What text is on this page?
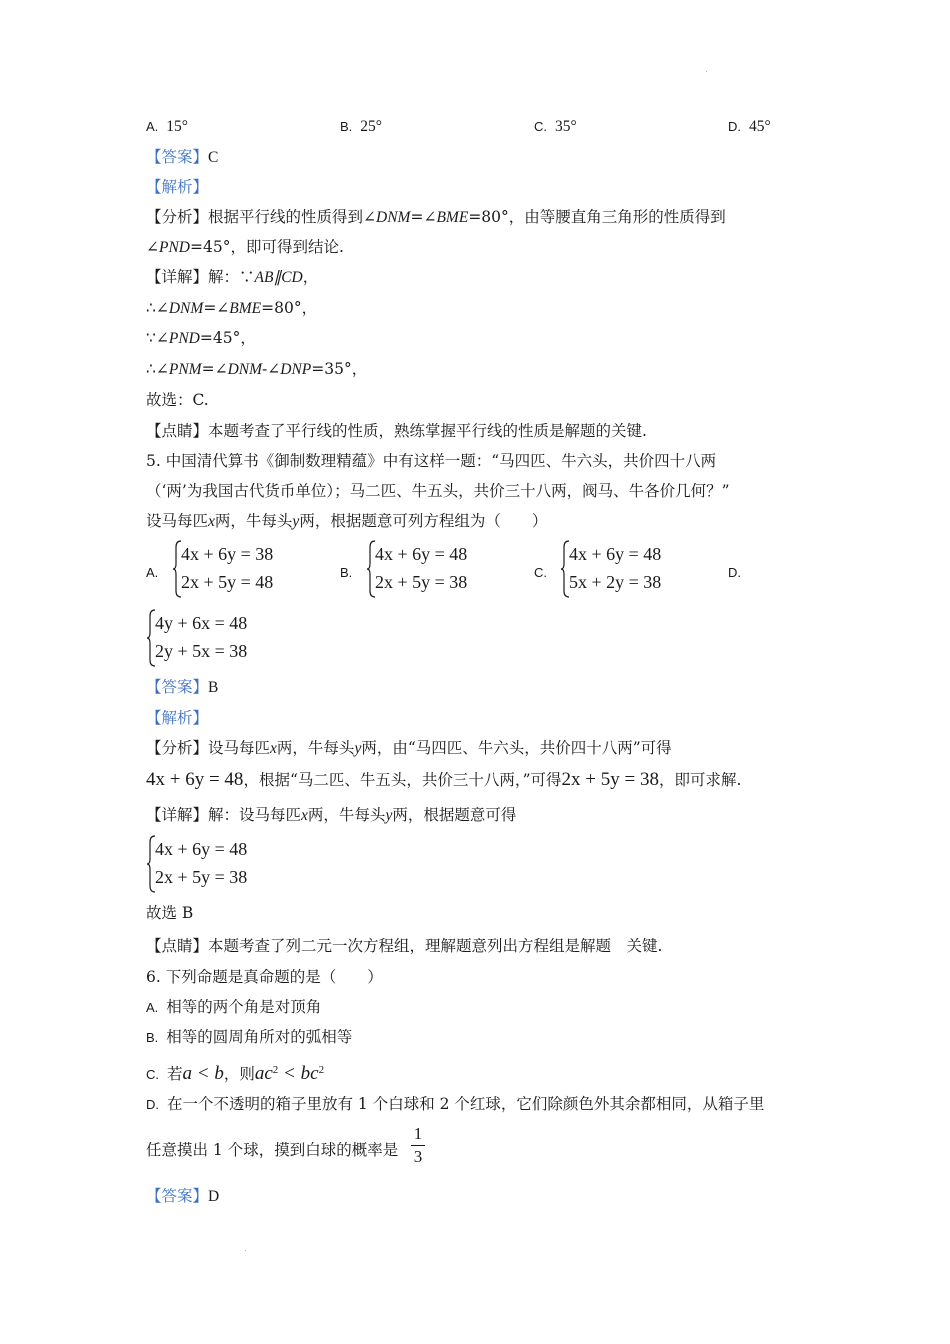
A. 15°	B. 25°	C. 35°	D. 45°
【答案】C
【解析】
【分析】根据平行线的性质得到∠DNM=∠BME=80°，由等腰直角三角形的性质得到
∠PND=45°，即可得到结论.
【详解】解：∵AB∥CD，
∴∠DNM=∠BME=80°，
∵∠PND=45°，
∴∠PNM=∠DNM-∠DNP=35°，
故选：C.
【点睛】本题考查了平行线的性质，熟练掌握平行线的性质是解题的关键.
5. 中国清代算书《御制数理精蕴》中有这样一题：“马四匹、牛六头，共价四十八两
（‘两’为我国古代货币单位）；马二匹、牛五头，共价三十八两，阀马、牛各价几何？”
设马每匹x两，牛每头y两，根据题意可列方程组为（　　）
A.
4x + 6y = 38
2x + 5y = 48	B.
4x + 6y = 48
2x + 5y = 38	C.
4x + 6y = 48
5x + 2y = 38	D.
4y + 6x = 48
2y + 5x = 38
【答案】B
【解析】
【分析】设马每匹x两，牛每头y两，由“马四匹、牛六头，共价四十八两”可得
4x + 6y = 48，根据“马二匹、牛五头，共价三十八两，”可得2x + 5y = 38，即可求解.
【详解】解：设马每匹x两，牛每头y两，根据题意可得
4x + 6y = 48
2x + 5y = 38
故选 B
【点睛】本题考查了列二元一次方程组，理解题意列出方程组是解题　关键.
6. 下列命题是真命题的是（　　）
A. 相等的两个角是对顶角
B. 相等的圆周角所对的弧相等
C. 若a < b，则$ac^2 < bc^2$
D. 在一个不透明的箱子里放有 1 个白球和 2 个红球，它们除颜色外其余都相同，从箱子里
任意摸出 1 个球，摸到白球的概率是
1
3
【答案】D
